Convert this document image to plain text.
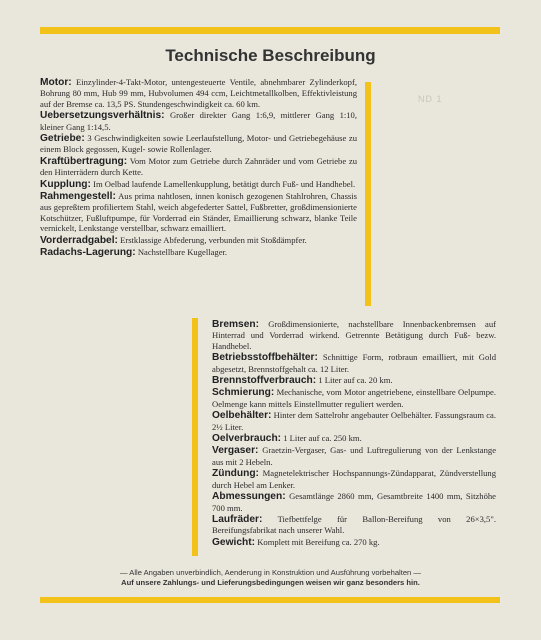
Technische Beschreibung
ND 1
Motor: Einzylinder-4-Takt-Motor, untengesteuerte Ventile, abnehmbarer Zylinderkopf, Bohrung 80 mm, Hub 99 mm, Hubvolumen 494 ccm, Leichtmetallkolben, Effektivleistung auf der Bremse ca. 13,5 PS. Stundengeschwindigkeit ca. 60 km.
Uebersetzungsverhältnis: Großer direkter Gang 1:6,9, mittlerer Gang 1:10, kleiner Gang 1:14,5.
Getriebe: 3 Geschwindigkeiten sowie Leerlaufstellung, Motor- und Getriebegehäuse zu einem Block gegossen, Kugel- sowie Rollenlager.
Kraftübertragung: Vom Motor zum Getriebe durch Zahnräder und vom Getriebe zu den Hinterrädern durch Kette.
Kupplung: Im Oelbad laufende Lamellenkupplung, betätigt durch Fuß- und Handhebel.
Rahmengestell: Aus prima nahtlosen, innen konisch gezogenen Stahlrohren, Chassis aus gepreßtem profiliertem Stahl, weich abgefederter Sattel, Fußbretter, großdimensionierte Kotschützer, Fußluftpumpe, für Vorderrad ein Ständer, Emaillierung schwarz, blanke Teile vernickelt, Lenkstange verstellbar, schwarz emailliert.
Vorderradgabel: Erstklassige Abfederung, verbunden mit Stoßdämpfer.
Radachs-Lagerung: Nachstellbare Kugellager.
Bremsen: Großdimensionierte, nachstellbare Innenbackenbremsen auf Hinterrad und Vorderrad wirkend. Getrennte Betätigung durch Fuß- bezw. Handhebel.
Betriebsstoffbehälter: Schnittige Form, rotbraun emailliert, mit Gold abgesetzt, Brennstoffgehalt ca. 12 Liter.
Brennstoffverbrauch: 1 Liter auf ca. 20 km.
Schmierung: Mechanische, vom Motor angetriebene, einstellbare Oelpumpe. Oelmenge kann mittels Einstellmutter reguliert werden.
Oelbehälter: Hinter dem Sattelrohr angebauter Oelbehälter. Fassungsraum ca. 2½ Liter.
Oelverbrauch: 1 Liter auf ca. 250 km.
Vergaser: Graetzin-Vergaser, Gas- und Luftregulierung von der Lenkstange aus mit 2 Hebeln.
Zündung: Magnetelektrischer Hochspannungs-Zündapparat, Zündverstellung durch Hebel am Lenker.
Abmessungen: Gesamtlänge 2860 mm, Gesamtbreite 1400 mm, Sitzhöhe 700 mm.
Laufräder: Tiefbettfelge für Ballon-Bereifung von 26×3,5". Bereifungsfabrikat nach unserer Wahl.
Gewicht: Komplett mit Bereifung ca. 270 kg.
— Alle Angaben unverbindlich, Aenderung in Konstruktion und Ausführung vorbehalten —
Auf unsere Zahlungs- und Lieferungsbedingungen weisen wir ganz besonders hin.
